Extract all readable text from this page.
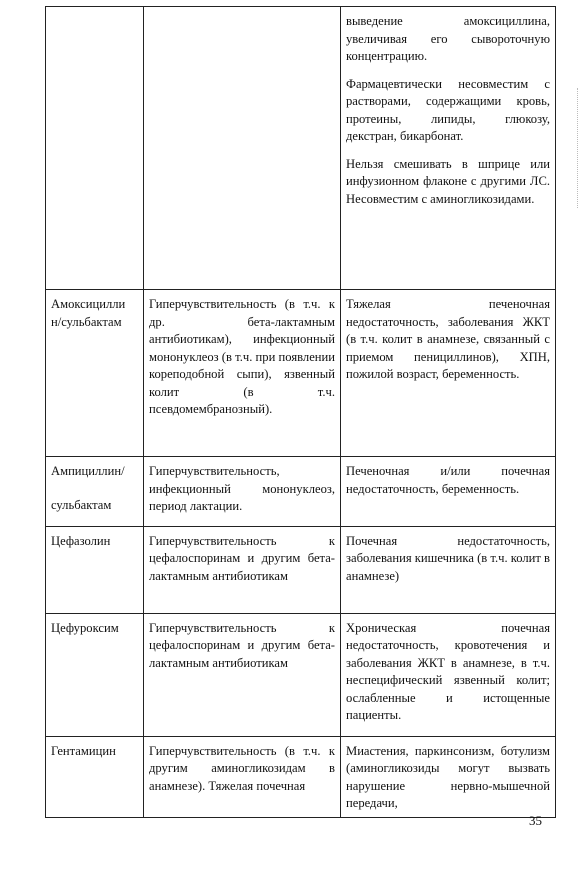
		выведение амоксициллина, увеличивая его сывороточную концентрацию.

Фармацевтически несовместим с растворами, содержащими кровь, протеины, липиды, глюкозу, декстран, бикарбонат.

Нельзя смешивать в шприце или инфузионном флаконе с другими ЛС. Несовместим с аминогликозидами.

Амоксицилли
н/сульбактам	Гиперчувствительность (в т.ч. к др. бета-лактамным антибиотикам), инфекционный мононуклеоз (в т.ч. при появлении кореподобной сыпи), язвенный колит (в т.ч. псевдомембранозный).	Тяжелая печеночная недостаточность, заболевания ЖКТ (в т.ч. колит в анамнезе, связанный с приемом пенициллинов), ХПН, пожилой возраст, беременность.

Ампициллин/
сульбактам	Гиперчувствительность, инфекционный мононуклеоз, период лактации.	Печеночная и/или почечная недостаточность, беременность.

Цефазолин	Гиперчувствительность к цефалоспоринам и другим бета-лактамным антибиотикам	Почечная недостаточность, заболевания кишечника (в т.ч. колит в анамнезе)

Цефуроксим	Гиперчувствительность к цефалоспоринам и другим бета-лактамным антибиотикам	Хроническая почечная недостаточность, кровотечения и заболевания ЖКТ в анамнезе, в т.ч. неспецифический язвенный колит; ослабленные и истощенные пациенты.

Гентамицин	Гиперчувствительность (в т.ч. к другим аминогликозидам в анамнезе). Тяжелая почечная	Миастения, паркинсонизм, ботулизм (аминогликозиды могут вызвать нарушение нервно-мышечной передачи,

35
